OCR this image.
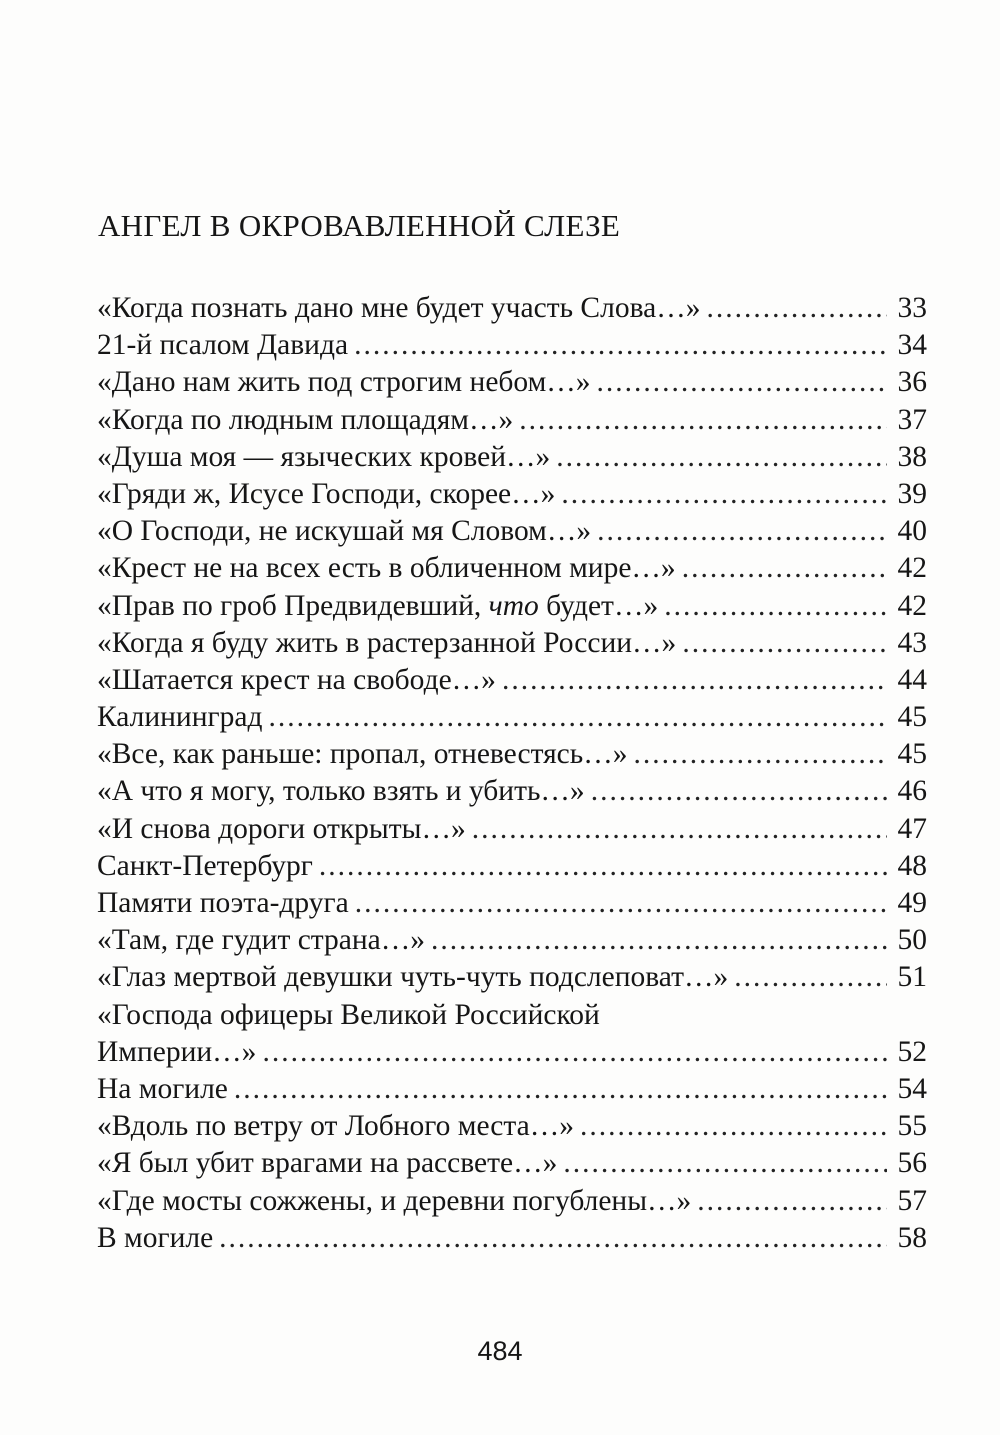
АНГЕЛ В ОКРОВАВЛЕННОЙ СЛЕЗЕ
«Когда познать дано мне будет участь Слова…» .....	33
21-й псалом Давида .....	34
«Дано нам жить под строгим небом…» .....	36
«Когда по людным площадям…» .....	37
«Душа моя — языческих кровей…» .....	38
«Гряди ж, Исусе Господи, скорее…» .....	39
«О Господи, не искушай мя Словом…» .....	40
«Крест не на всех есть в обличенном мире…» .....	42
«Прав по гроб Предвидевший, что будет…» .....	42
«Когда я буду жить в растерзанной России…» .....	43
«Шатается крест на свободе…» .....	44
Калининград .....	45
«Все, как раньше: пропал, отневестясь…» .....	45
«А что я могу, только взять и убить…» .....	46
«И снова дороги открыты…» .....	47
Санкт-Петербург .....	48
Памяти поэта-друга .....	49
«Там, где гудит страна…» .....	50
«Глаз мертвой девушки чуть-чуть подслеповат…» .....	51
«Господа офицеры Великой Российской
Империи…» .....	52
На могиле .....	54
«Вдоль по ветру от Лобного места…» .....	55
«Я был убит врагами на рассвете…» .....	56
«Где мосты сожжены, и деревни погублены…» .....	57
В могиле .....	58
484
